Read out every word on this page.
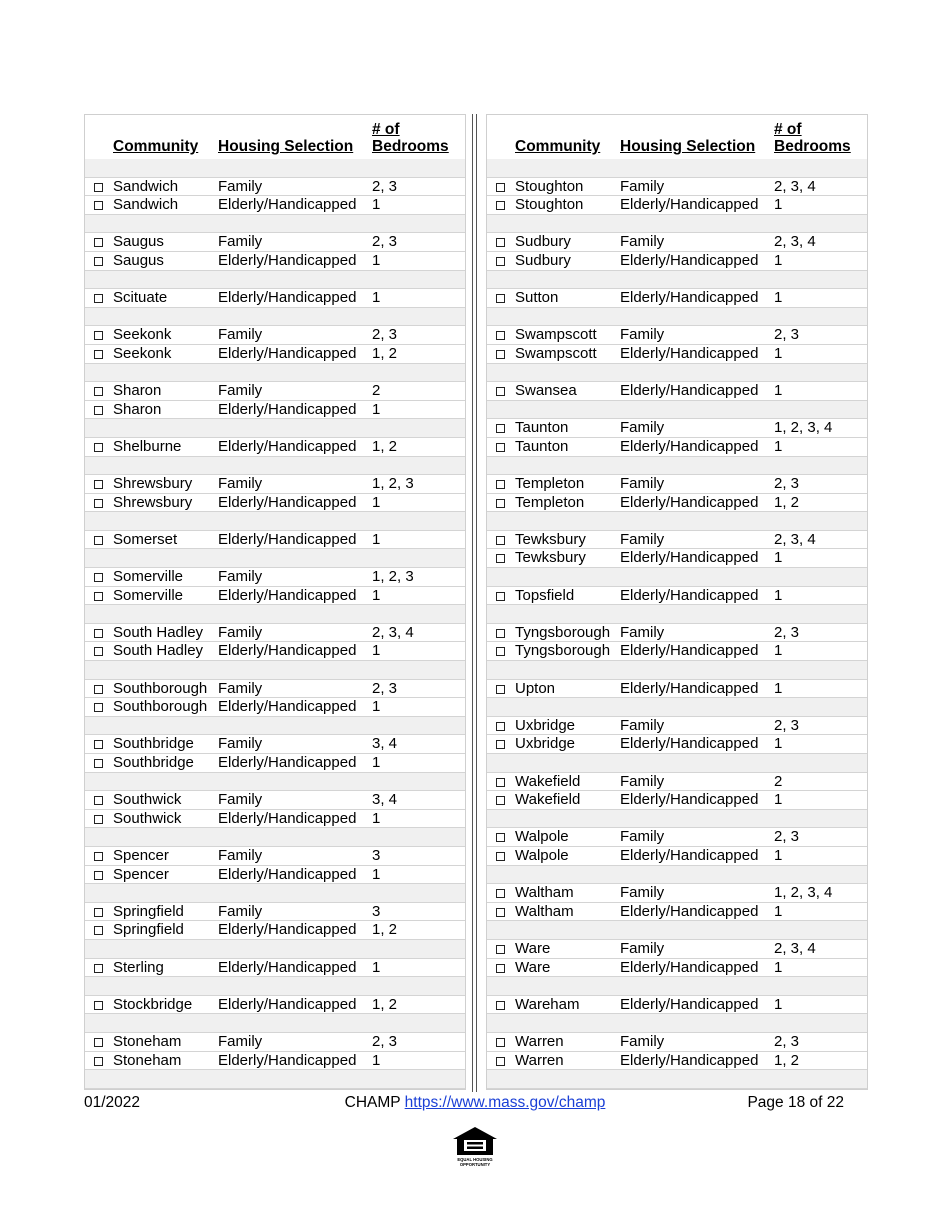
Community Housing Selection
# of
Bedrooms
Sandwich	Family	2, 3
Sandwich	Elderly/Handicapped 1
Saugus	Family	2, 3
Saugus	Elderly/Handicapped 1
Scituate	Elderly/Handicapped 1
Seekonk	Family	2, 3
Seekonk	Elderly/Handicapped 1, 2
Sharon	Family	2
Sharon	Elderly/Handicapped 1
Shelburne Elderly/Handicapped 1, 2
Shrewsbury Family	1, 2, 3
Shrewsbury Elderly/Handicapped 1
Somerset	Elderly/Handicapped 1
Somerville Family	1, 2, 3
Somerville Elderly/Handicapped 1
South Hadley Family	2, 3, 4
South Hadley Elderly/Handicapped 1
Southborough Family	2, 3
Southborough Elderly/Handicapped 1
Southbridge Family	3, 4
Southbridge Elderly/Handicapped 1
Southwick Family	3, 4
Southwick Elderly/Handicapped 1
Spencer	Family	3
Spencer	Elderly/Handicapped 1
Springfield Family	3
Springfield Elderly/Handicapped 1, 2
Sterling	Elderly/Handicapped 1
Stockbridge Elderly/Handicapped 1, 2
Stoneham Family	2, 3
Stoneham Elderly/Handicapped 1
Community Housing Selection
# of
Bedrooms
Stoughton Family	2, 3, 4
Stoughton Elderly/Handicapped 1
Sudbury	Family	2, 3, 4
Sudbury	Elderly/Handicapped 1
Sutton	Elderly/Handicapped 1
Swampscott Family	2, 3
Swampscott Elderly/Handicapped 1
Swansea	Elderly/Handicapped 1
Taunton	Family	1, 2, 3, 4
Taunton	Elderly/Handicapped 1
Templeton Family	2, 3
Templeton Elderly/Handicapped 1, 2
Tewksbury Family	2, 3, 4
Tewksbury Elderly/Handicapped 1
Topsfield	Elderly/Handicapped 1
Tyngsborough Family	2, 3
Tyngsborough Elderly/Handicapped 1
Upton	Elderly/Handicapped 1
Uxbridge	Family	2, 3
Uxbridge	Elderly/Handicapped 1
Wakefield	Family	2
Wakefield	Elderly/Handicapped 1
Walpole	Family	2, 3
Walpole	Elderly/Handicapped 1
Waltham	Family	1, 2, 3, 4
Waltham	Elderly/Handicapped 1
Ware	Family	2, 3, 4
Ware	Elderly/Handicapped 1
Wareham	Elderly/Handicapped 1
Warren	Family	2, 3
Warren	Elderly/Handicapped 1, 2
01/2022	CHAMP https://www.mass.gov/champ	Page 18 of 22
EQUAL HOUSING
OPPORTUNITY
